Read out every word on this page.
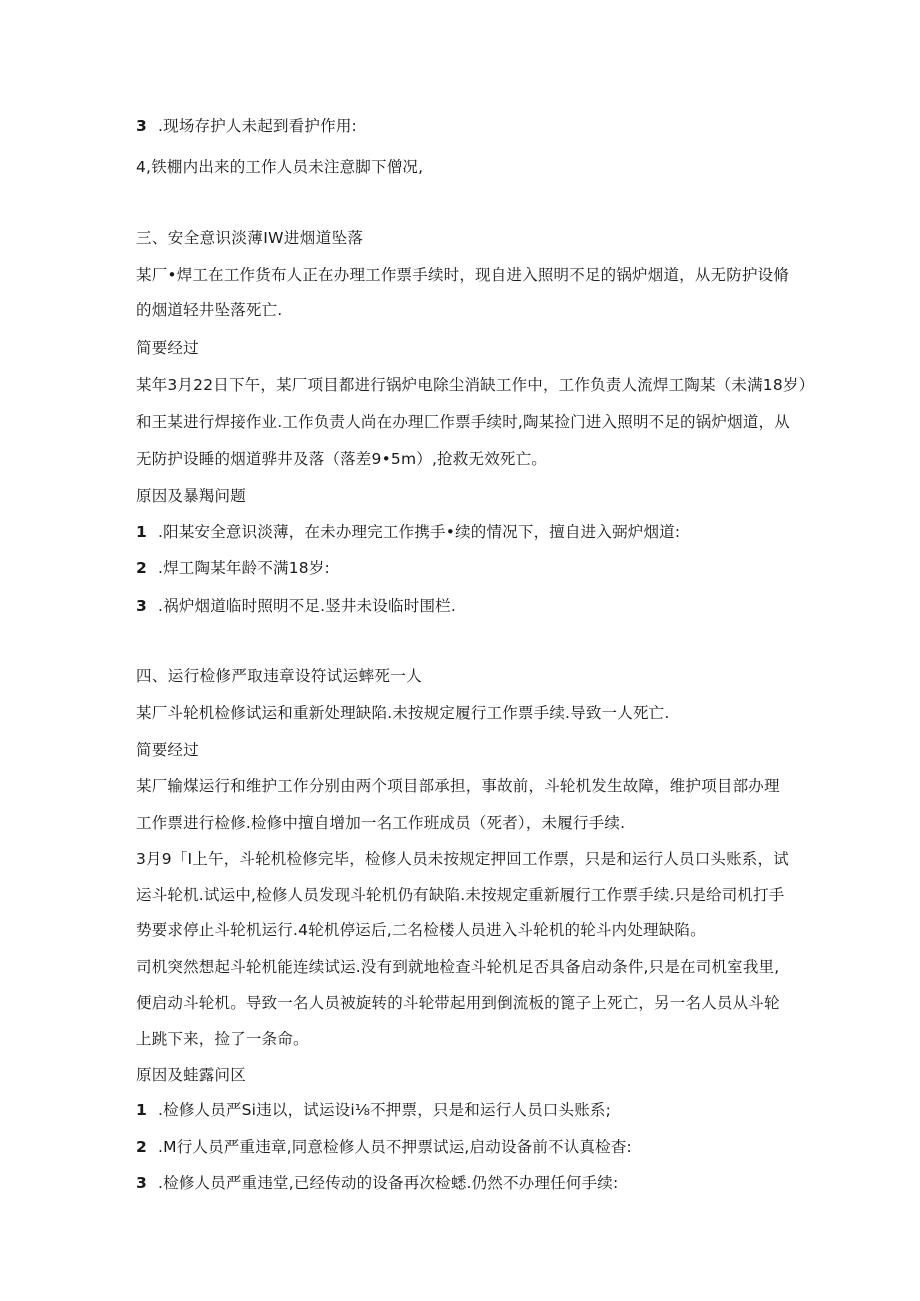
3 .现场存护人未起到看护作用:
4,铁棚内出来的工作人员未注意脚下僧况,
三、安全意识淡薄IW进烟道坠落
某厂•焊工在工作货布人正在办理工作票手续时，现自进入照明不足的锅炉烟道，从无防护设脩
的烟道轻井坠落死亡.
简要经过
某年3月22日下午，某厂项目都进行锅炉电除尘消缺工作中，工作负责人流焊工陶某（未满18岁）
和王某进行焊接作业.工作负责人尚在办理匚作票手续时,陶某捡门进入照明不足的锅炉烟道，从
无防护设睡的烟道骅井及落（落差9•5m）,抢救无效死亡。
原因及暴羯问题
1 .阳某安全意识淡薄，在未办理完工作携手•续的情况下，擅自进入弼炉烟道:
2 .焊工陶某年龄不满18岁:
3 .祸炉烟道临时照明不足.竖井未设临时围栏.
四、运行检修严取违章设符试运蟀死一人
某厂斗轮机检修试运和重新处理缺陷.未按规定履行工作票手续.导致一人死亡.
简要经过
某厂输煤运行和维护工作分别由两个项目部承担，事故前，斗轮机发生故障，维护项目部办理
工作票进行检修.检修中擅自增加一名工作班成员（死者），未履行手续.
3月9「I上午，斗轮机检修完毕，检修人员未按规定押回工作票，只是和运行人员口头账系，试
运斗轮机.试运中,检修人员发现斗轮机仍有缺陷.未按规定重新履行工作票手续.只是给司机打手
势要求停止斗轮机运行.4轮机停运后,二名检楼人员进入斗轮机的轮斗内处理缺陷。
司机突然想起斗轮机能连续试运.没有到就地检查斗轮机足否具备启动条件,只是在司机室我里,
便启动斗轮机。导致一名人员被旋转的斗轮带起用到倒流板的篦子上死亡，另一名人员从斗轮
上跳下来，捡了一条命。
原因及蛙露问区
1 .检修人员严Si违以，试运设i⅛不押票，只是和运行人员口头账系;
2 .M行人员严重违章,同意检修人员不押票试运,启动设备前不认真检杳:
3 .检修人员严重违堂,已经传动的设备再次检蟋.仍然不办理任何手续:
